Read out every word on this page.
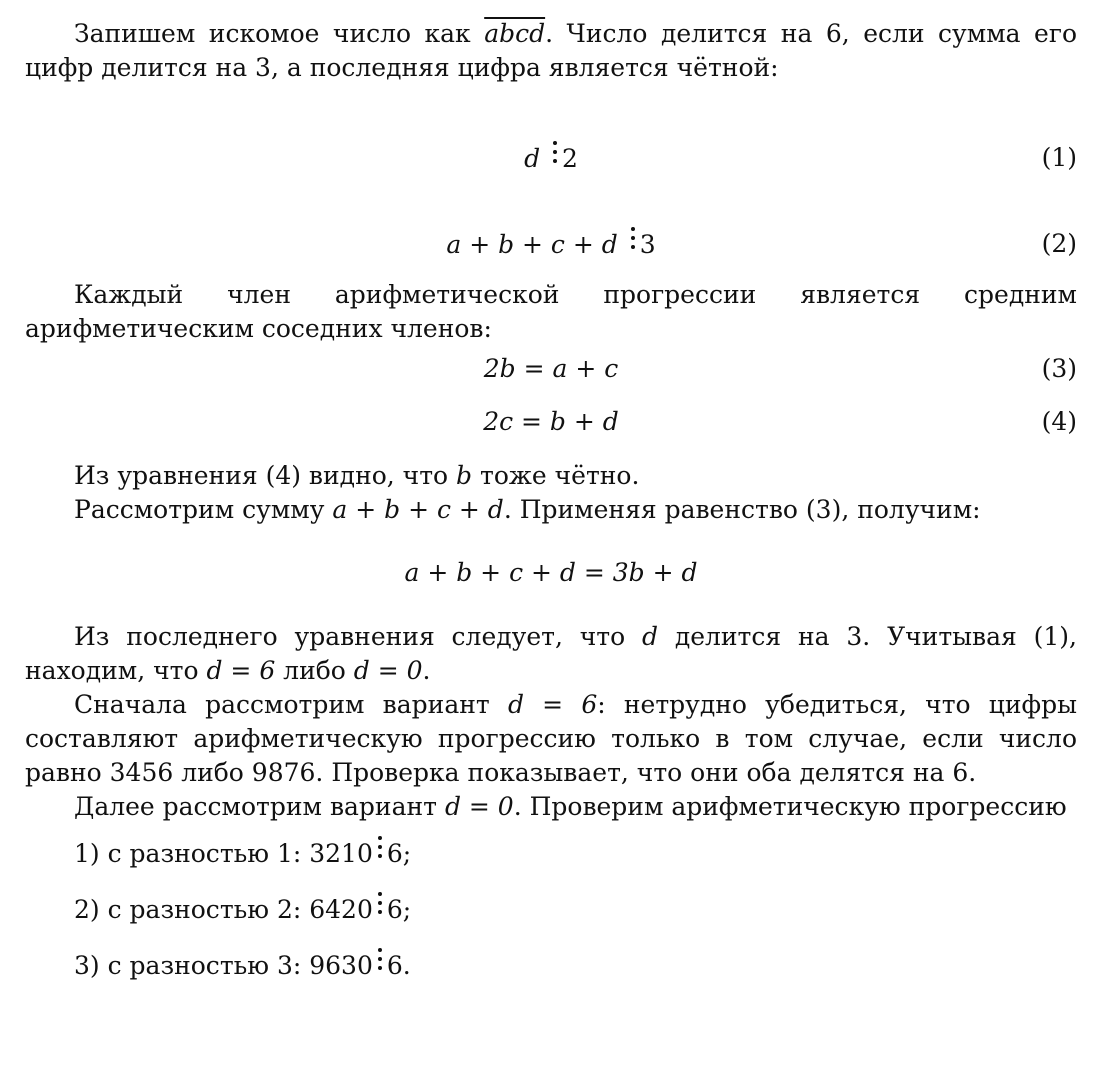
Запишем искомое число как abcd. Число делится на 6, если сумма его цифр делится на 3, а последняя цифра является чётной:

d 2	(1)
a + b + c + d 3	(2)

Каждый член арифметической прогрессии является средним арифметическим соседних членов:

2b = a + c	(3)
2c = b + d	(4)

Из уравнения (4) видно, что b тоже чётно.

Рассмотрим сумму a + b + c + d. Применяя равенство (3), получим:

a + b + c + d = 3b + d

Из последнего уравнения следует, что d делится на 3. Учитывая (1), находим, что d = 6 либо d = 0.

Сначала рассмотрим вариант d = 6: нетрудно убедиться, что цифры составляют арифметическую прогрессию только в том случае, если число равно 3456 либо 9876. Проверка показывает, что они оба делятся на 6.

Далее рассмотрим вариант d = 0. Проверим арифметическую прогрессию

1) с разностью 1: 3210 6;
2) с разностью 2: 6420 6;
3) с разностью 3: 9630 6.
